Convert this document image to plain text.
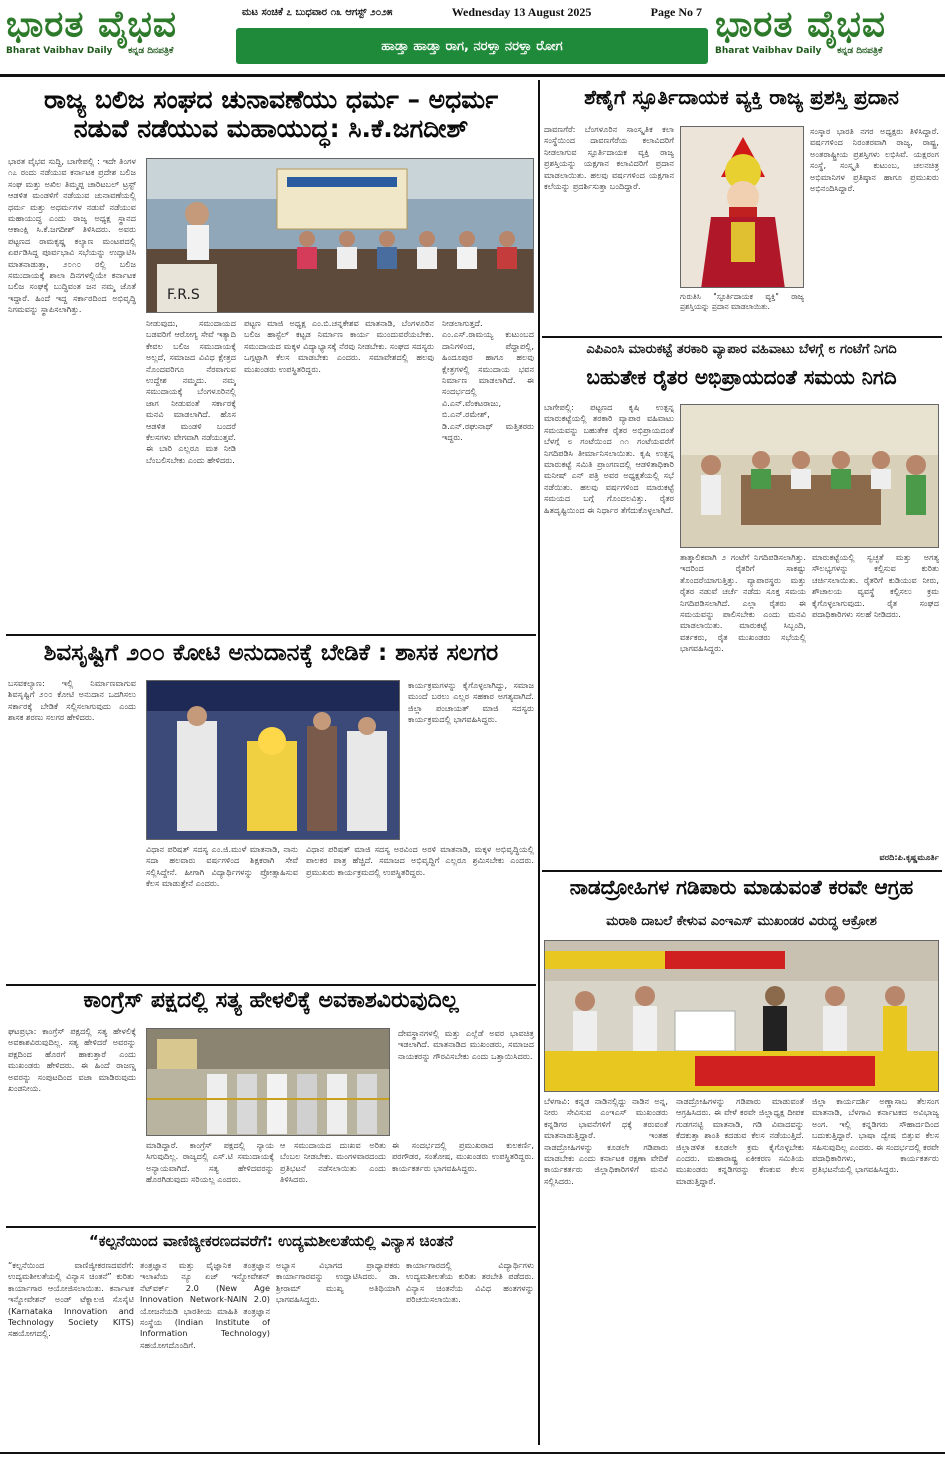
ಭಾರತ ವೈಭವ
Bharat Vaibhav Daily ಕನ್ನಡ ದಿನಪತ್ರಿಕೆ
ಮಟ ಸಂಚಿಕೆ ೭ ಬುಧವಾರ ೧೩ ಆಗಸ್ಟ್ ೨೦೨೫	Wednesday 13 August 2025	Page No 7
ಹಾಡ್ತಾ ಹಾಡ್ತಾ ರಾಗ, ನರಳ್ತಾ ನರಳ್ತಾ ರೋಗ
ಭಾರತ ವೈಭವ
Bharat Vaibhav Daily ಕನ್ನಡ ದಿನಪತ್ರಿಕೆ
ರಾಜ್ಯ ಬಲಿಜ ಸಂಘದ ಚುನಾವಣೆಯು ಧರ್ಮ – ಅಧರ್ಮ
ನಡುವೆ ನಡೆಯುವ ಮಹಾಯುದ್ಧ: ಸಿ.ಕೆ.ಜಗದೀಶ್
ಭಾರತ ವೈಭವ ಸುದ್ದಿ, ಬಾಗೇಪಲ್ಲಿ : ಇದೇ ತಿಂಗಳ ೧೭ ರಂದು ನಡೆಯುವ ಕರ್ನಾಟಕ ಪ್ರದೇಶ ಬಲಿಜ ಸಂಘ ಮತ್ತು ಅಖಿಲ ತಿಮ್ಮಪ್ಪ ಚಾರಿಟಬಲ್ ಟ್ರಸ್ಟ್ ಆಡಳಿತ ಮಂಡಳಿಗೆ ನಡೆಯುವ ಚುನಾವಣೆಯಲ್ಲಿ ಧರ್ಮ ಮತ್ತು ಅಧರ್ಮಗಳ ನಡುವೆ ನಡೆಯುವ ಮಹಾಯುದ್ಧ ಎಂದು ರಾಜ್ಯ ಅಧ್ಯಕ್ಷ ಸ್ಥಾನದ ಆಕಾಂಕ್ಷಿ ಸಿ.ಕೆ.ಜಗದೀಶ್ ತಿಳಿಸಿದರು. ಅವರು ಪಟ್ಟಣದ ರಾಮಕೃಷ್ಣ ಕಲ್ಯಾಣ ಮಂಟಪದಲ್ಲಿ ಏರ್ಪಡಿಸಿದ್ದ ಪೂರ್ವಭಾವಿ ಸಭೆಯನ್ನು ಉದ್ಘಾಟಿಸಿ ಮಾತನಾಡುತ್ತಾ, ೨೦೧೦ ರಲ್ಲಿ ಬಲಿಜ ಸಮುದಾಯಕ್ಕೆ ಶಾಲಾ ದಿನಗಳಲ್ಲಿಯೇ ಕರ್ನಾಟಕ ಬಲಿಜ ಸಂಘಕ್ಕೆ ಬುದ್ಧಿವಂತ ಜನ ನಮ್ಮ ಜೊತೆ ಇದ್ದಾರೆ. ಹಿಂದೆ ಇದ್ದ ಸರ್ಕಾರದಿಂದ ಅಭಿವೃದ್ಧಿ ನಿಗಮವನ್ನು ಸ್ಥಾಪಿಸಲಾಗಿತ್ತು.
F.R.S
ನೀಡುವುದು, ಸಮುದಾಯದ ಬಡವರಿಗೆ ಆರೋಗ್ಯ ಸೇವೆ ಇತ್ಯಾದಿ ಕೇವಲ ಬಲಿಜ ಸಮುದಾಯಕ್ಕೆ ಅಲ್ಲದೆ, ಸಮಾಜದ ವಿವಿಧ ಕ್ಷೇತ್ರದ ನೊಂದವರಿಗೂ ನೆರವಾಗುವ ಉದ್ದೇಶ ನಮ್ಮದು. ನಮ್ಮ ಸಮುದಾಯಕ್ಕೆ ಬೆಂಗಳೂರಿನಲ್ಲಿ ಜಾಗ ನೀಡುವಂತೆ ಸರ್ಕಾರಕ್ಕೆ ಮನವಿ ಮಾಡಲಾಗಿದೆ. ಹೊಸ ಆಡಳಿತ ಮಂಡಳಿ ಬಂದರೆ ಕೆಲಸಗಳು ವೇಗವಾಗಿ ನಡೆಯುತ್ತವೆ. ಈ ಬಾರಿ ಎಲ್ಲರೂ ಮತ ನೀಡಿ ಬೆಂಬಲಿಸಬೇಕು ಎಂದು ಹೇಳಿದರು.
ಪಟ್ಟಣ ಮಾಜಿ ಅಧ್ಯಕ್ಷ ಎಂ.ಬಿ.ಚನ್ನಕೇಶವ ಮಾತನಾಡಿ, ಬೆಂಗಳೂರಿನ ಬಲಿಜ ಹಾಸ್ಟೆಲ್ ಕಟ್ಟಡ ನಿರ್ಮಾಣ ಕಾರ್ಯ ಮುಂದುವರೆಯಬೇಕು. ಸಮುದಾಯದ ಮಕ್ಕಳ ವಿದ್ಯಾಭ್ಯಾಸಕ್ಕೆ ನೆರವು ನೀಡಬೇಕು. ಸಂಘದ ಸದಸ್ಯರು ಒಗ್ಗಟ್ಟಾಗಿ ಕೆಲಸ ಮಾಡಬೇಕು ಎಂದರು. ಸಮಾವೇಶದಲ್ಲಿ ಹಲವು ಮುಖಂಡರು ಉಪಸ್ಥಿತರಿದ್ದರು.
ನೀಡಲಾಗುತ್ತದೆ. ಎಂ.ಎಸ್.ರಾಮಯ್ಯ ಕುಟುಂಬದ ದಾನಿಗಳಿಂದ, ಪೆದ್ದಾಪಲ್ಲಿ, ಹಿಂದೂಪುರ ಹಾಗೂ ಹಲವು ಕ್ಷೇತ್ರಗಳಲ್ಲಿ ಸಮುದಾಯ ಭವನ ನಿರ್ಮಾಣ ಮಾಡಲಾಗಿದೆ. ಈ ಸಂದರ್ಭದಲ್ಲಿ ವಿ.ಎನ್.ವೆಂಕಟರಾಜು, ಬಿ.ಎನ್.ರಮೇಶ್, ಡಿ.ಎನ್.ರಘುನಾಥ್ ಮತ್ತಿತರರು ಇದ್ದರು.
ಶಿವಸೃಷ್ಟಿಗೆ ೨೦೦ ಕೋಟಿ ಅನುದಾನಕ್ಕೆ ಬೇಡಿಕೆ : ಶಾಸಕ ಸಲಗರ
ಬಸವಕಲ್ಯಾಣ: ಇಲ್ಲಿ ನಿರ್ಮಾಣವಾಗುವ ಶಿವಸೃಷ್ಟಿಗೆ ೨೦೦ ಕೋಟಿ ಅನುದಾನ ಒದಗಿಸಲು ಸರ್ಕಾರಕ್ಕೆ ಬೇಡಿಕೆ ಸಲ್ಲಿಸಲಾಗುವುದು ಎಂದು ಶಾಸಕ ಶರಣು ಸಲಗರ ಹೇಳಿದರು.
ಕಾರ್ಯಕ್ರಮಗಳನ್ನು ಕೈಗೊಳ್ಳಲಾಗಿದ್ದು, ಸಮಾಜ ಮುಂದೆ ಬರಲು ಎಲ್ಲರ ಸಹಕಾರ ಅಗತ್ಯವಾಗಿದೆ. ಜಿಲ್ಲಾ ಪಂಚಾಯತ್ ಮಾಜಿ ಸದಸ್ಯರು ಕಾರ್ಯಕ್ರಮದಲ್ಲಿ ಭಾಗವಹಿಸಿದ್ದರು.
ವಿಧಾನ ಪರಿಷತ್ ಸದಸ್ಯ ಎಂ.ಜಿ.ಮುಳೆ ಮಾತನಾಡಿ, ನಾನು ಸದಾ ಹಲವಾರು ವರ್ಷಗಳಿಂದ ಶಿಕ್ಷಕರಾಗಿ ಸೇವೆ ಸಲ್ಲಿಸಿದ್ದೇನೆ. ಹೀಗಾಗಿ ವಿದ್ಯಾರ್ಥಿಗಳನ್ನು ಪ್ರೋತ್ಸಾಹಿಸುವ ಕೆಲಸ ಮಾಡುತ್ತೇನೆ ಎಂದರು.
ವಿಧಾನ ಪರಿಷತ್ ಮಾಜಿ ಸದಸ್ಯ ಅರವಿಂದ ಅರಳಿ ಮಾತನಾಡಿ, ಮಕ್ಕಳ ಅಭಿವೃದ್ಧಿಯಲ್ಲಿ ಪಾಲಕರ ಪಾತ್ರ ಹೆಚ್ಚಿದೆ. ಸಮಾಜದ ಅಭಿವೃದ್ಧಿಗೆ ಎಲ್ಲರೂ ಶ್ರಮಿಸಬೇಕು ಎಂದರು. ಪ್ರಮುಖರು ಕಾರ್ಯಕ್ರಮದಲ್ಲಿ ಉಪಸ್ಥಿತರಿದ್ದರು.
ಕಾಂಗ್ರೆಸ್ ಪಕ್ಷದಲ್ಲಿ ಸತ್ಯ ಹೇಳಲಿಕ್ಕೆ ಅವಕಾಶವಿರುವುದಿಲ್ಲ
ಘಟಪ್ರಭಾ: ಕಾಂಗ್ರೆಸ್ ಪಕ್ಷದಲ್ಲಿ ಸತ್ಯ ಹೇಳಲಿಕ್ಕೆ ಅವಕಾಶವಿರುವುದಿಲ್ಲ. ಸತ್ಯ ಹೇಳಿದರೆ ಅವರನ್ನು ಪಕ್ಷದಿಂದ ಹೊರಗೆ ಹಾಕುತ್ತಾರೆ ಎಂದು ಮುಖಂಡರು ಹೇಳಿದರು. ಈ ಹಿಂದೆ ರಾಜಣ್ಣ ಅವರನ್ನು ಸಂಪುಟದಿಂದ ವಜಾ ಮಾಡಿರುವುದು ಖಂಡನೀಯ.
ದೇವಸ್ಥಾನಗಳಲ್ಲಿ ಮತ್ತು ಎಲ್ಲೆಡೆ ಅವರ ಭಾವಚಿತ್ರ ಇಡಲಾಗಿದೆ. ಮಾತನಾಡಿದ ಮುಖಂಡರು, ಸಮಾಜದ ನಾಯಕರನ್ನು ಗೌರವಿಸಬೇಕು ಎಂದು ಒತ್ತಾಯಿಸಿದರು.
ಮಾಡಿದ್ದಾರೆ. ಕಾಂಗ್ರೆಸ್ ಪಕ್ಷದಲ್ಲಿ ನ್ಯಾಯ ಸಿಗುವುದಿಲ್ಲ. ರಾಜ್ಯದಲ್ಲಿ ಎಸ್.ಟಿ ಸಮುದಾಯಕ್ಕೆ ಅನ್ಯಾಯವಾಗಿದೆ. ಸತ್ಯ ಹೇಳಿದವರನ್ನು ಹೊರಗಿಡುವುದು ಸರಿಯಲ್ಲ ಎಂದರು.
ಆ ಸಮುದಾಯದ ದುಃಖವ ಅರಿತು ಬೆಂಬಲ ನೀಡಬೇಕು. ಮಂಗಳವಾರದಂದು ಪ್ರತಿಭಟನೆ ನಡೆಸಲಾಯಿತು ಎಂದು ತಿಳಿಸಿದರು.
ಈ ಸಂದರ್ಭದಲ್ಲಿ ಪ್ರಮುಖರಾದ ಕುಲಕರ್ಣಿ, ಪರಗೌಡರ, ಸಂತೋಷ, ಮುಖಂಡರು ಉಪಸ್ಥಿತರಿದ್ದರು. ಕಾರ್ಯಕರ್ತರು ಭಾಗವಹಿಸಿದ್ದರು.
“ಕಲ್ಪನೆಯಿಂದ ವಾಣಿಜ್ಯೀಕರಣದವರೆಗೆ: ಉದ್ಯಮಶೀಲತೆಯಲ್ಲಿ ವಿನ್ಯಾಸ ಚಿಂತನೆ
“ಕಲ್ಪನೆಯಿಂದ ವಾಣಿಜ್ಯೀಕರಣದವರೆಗೆ: ಉದ್ಯಮಶೀಲತೆಯಲ್ಲಿ ವಿನ್ಯಾಸ ಚಿಂತನೆ” ಕುರಿತು ಕಾರ್ಯಾಗಾರ ಆಯೋಜಿಸಲಾಯಿತು. ಕರ್ನಾಟಕ ಇನ್ನೋವೇಶನ್ ಅಂಡ್ ಟೆಕ್ನಾಲಜಿ ಸೊಸೈಟಿ (Karnataka Innovation and Technology Society KITS) ಸಹಯೋಗದಲ್ಲಿ.
ತಂತ್ರಜ್ಞಾನ ಮತ್ತು ವೈಜ್ಞಾನಿಕ ತಂತ್ರಜ್ಞಾನ ಇಲಾಖೆಯ ನ್ಯೂ ಏಜ್ ಇನ್ನೋವೇಶನ್ ನೆಟ್‌ವರ್ಕ್ 2.0 (New Age Innovation Network-NAIN 2.0) ಯೋಜನೆಯಡಿ ಭಾರತೀಯ ಮಾಹಿತಿ ತಂತ್ರಜ್ಞಾನ ಸಂಸ್ಥೆಯ (Indian Institute of Information Technology) ಸಹಯೋಗದೊಂದಿಗೆ.
ಅಭ್ಯಾಸ ವಿಭಾಗದ ಪ್ರಾಧ್ಯಾಪಕರು ಕಾರ್ಯಾಗಾರವನ್ನು ಉದ್ಘಾಟಿಸಿದರು. ಡಾ. ಶ್ರೀರಾಮ್ ಮುಖ್ಯ ಅತಿಥಿಯಾಗಿ ಭಾಗವಹಿಸಿದ್ದರು.
ಕಾರ್ಯಾಗಾರದಲ್ಲಿ ವಿದ್ಯಾರ್ಥಿಗಳು ಉದ್ಯಮಶೀಲತೆಯ ಕುರಿತು ತರಬೇತಿ ಪಡೆದರು. ವಿನ್ಯಾಸ ಚಿಂತನೆಯ ವಿವಿಧ ಹಂತಗಳನ್ನು ಪರಿಚಯಿಸಲಾಯಿತು.
ಶೆಣೈಗೆ ಸ್ಫೂರ್ತಿದಾಯಕ ವ್ಯಕ್ತಿ ರಾಜ್ಯ ಪ್ರಶಸ್ತಿ ಪ್ರದಾನ
ದಾವಣಗೆರೆ: ಬೆಂಗಳೂರಿನ ಸಾಂಸ್ಕೃತಿಕ ಕಲಾ ಸಂಸ್ಥೆಯಿಂದ ದಾವಣಗೆರೆಯ ಕಲಾವಿದರಿಗೆ ನೀಡಲಾಗುವ ಸ್ಫೂರ್ತಿದಾಯಕ ವ್ಯಕ್ತಿ ರಾಜ್ಯ ಪ್ರಶಸ್ತಿಯನ್ನು ಯಕ್ಷಗಾನ ಕಲಾವಿದರಿಗೆ ಪ್ರದಾನ ಮಾಡಲಾಯಿತು. ಹಲವು ವರ್ಷಗಳಿಂದ ಯಕ್ಷಗಾನ ಕಲೆಯನ್ನು ಪ್ರದರ್ಶಿಸುತ್ತಾ ಬಂದಿದ್ದಾರೆ.
ಸಂಸ್ಕಾರ ಭಾರತಿ ನಗರ ಅಧ್ಯಕ್ಷರು ತಿಳಿಸಿದ್ದಾರೆ. ವರ್ಷಗಳಿಂದ ನಿರಂತರವಾಗಿ ರಾಜ್ಯ, ರಾಷ್ಟ್ರ, ಅಂತರಾಷ್ಟ್ರೀಯ ಪ್ರಶಸ್ತಿಗಳು ಲಭಿಸಿವೆ. ಯಕ್ಷರಂಗ ಸಂಸ್ಥೆ, ಸಂಸ್ಕೃತಿ ಕುಟುಂಬ, ಚಲನಚಿತ್ರ ಅಭಿಮಾನಿಗಳ ಪ್ರತಿಷ್ಠಾನ ಹಾಗೂ ಪ್ರಮುಖರು ಅಭಿನಂದಿಸಿದ್ದಾರೆ.
ಗುರುತಿಸಿ "ಸ್ಫೂರ್ತಿದಾಯಕ ವ್ಯಕ್ತಿ" ರಾಜ್ಯ ಪ್ರಶಸ್ತಿಯನ್ನು ಪ್ರದಾನ ಮಾಡಲಾಯಿತು.
ಎಪಿಎಂಸಿ ಮಾರುಕಟ್ಟೆ ತರಕಾರಿ ವ್ಯಾಪಾರ ವಹಿವಾಟು ಬೆಳಗ್ಗೆ ೮ ಗಂಟೆಗೆ ನಿಗದಿ
ಬಹುತೇಕ ರೈತರ ಅಭಿಪ್ರಾಯದಂತೆ ಸಮಯ ನಿಗದಿ
ಬಾಗೇಪಲ್ಲಿ: ಪಟ್ಟಣದ ಕೃಷಿ ಉತ್ಪನ್ನ ಮಾರುಕಟ್ಟೆಯಲ್ಲಿ ತರಕಾರಿ ವ್ಯಾಪಾರ ವಹಿವಾಟು ಸಮಯವನ್ನು ಬಹುತೇಕ ರೈತರ ಅಭಿಪ್ರಾಯದಂತೆ ಬೆಳಗ್ಗೆ ೮ ಗಂಟೆಯಿಂದ ೧೧ ಗಂಟೆಯವರೆಗೆ ನಿಗದಿಪಡಿಸಿ ತೀರ್ಮಾನಿಸಲಾಯಿತು. ಕೃಷಿ ಉತ್ಪನ್ನ ಮಾರುಕಟ್ಟೆ ಸಮಿತಿ ಪ್ರಾಂಗಣದಲ್ಲಿ ಆಡಳಿತಾಧಿಕಾರಿ ಮನೀಷ್ ಎನ್ ಪತ್ರಿ ಅವರ ಅಧ್ಯಕ್ಷತೆಯಲ್ಲಿ ಸಭೆ ನಡೆಯಿತು. ಹಲವು ವರ್ಷಗಳಿಂದ ಮಾರುಕಟ್ಟೆ ಸಮಯದ ಬಗ್ಗೆ ಗೊಂದಲವಿತ್ತು. ರೈತರ ಹಿತದೃಷ್ಟಿಯಿಂದ ಈ ನಿರ್ಧಾರ ತೆಗೆದುಕೊಳ್ಳಲಾಗಿದೆ.
ತಾತ್ಕಾಲಿಕವಾಗಿ ೨ ಗಂಟೆಗೆ ನಿಗದಿಪಡಿಸಲಾಗಿತ್ತು. ಇದರಿಂದ ರೈತರಿಗೆ ಸಾಕಷ್ಟು ತೊಂದರೆಯಾಗುತ್ತಿತ್ತು. ವ್ಯಾಪಾರಸ್ಥರು ಮತ್ತು ರೈತರ ನಡುವೆ ಚರ್ಚೆ ನಡೆದು ಸೂಕ್ತ ಸಮಯ ನಿಗದಿಪಡಿಸಲಾಗಿದೆ. ಎಲ್ಲಾ ರೈತರು ಈ ಸಮಯವನ್ನು ಪಾಲಿಸಬೇಕು ಎಂದು ಮನವಿ ಮಾಡಲಾಯಿತು. ಮಾರುಕಟ್ಟೆ ಸಿಬ್ಬಂದಿ, ವರ್ತಕರು, ರೈತ ಮುಖಂಡರು ಸಭೆಯಲ್ಲಿ ಭಾಗವಹಿಸಿದ್ದರು.
ಮಾರುಕಟ್ಟೆಯಲ್ಲಿ ಸ್ವಚ್ಛತೆ ಮತ್ತು ಅಗತ್ಯ ಸೌಲಭ್ಯಗಳನ್ನು ಕಲ್ಪಿಸುವ ಕುರಿತು ಚರ್ಚಿಸಲಾಯಿತು. ರೈತರಿಗೆ ಕುಡಿಯುವ ನೀರು, ಶೌಚಾಲಯ ವ್ಯವಸ್ಥೆ ಕಲ್ಪಿಸಲು ಕ್ರಮ ಕೈಗೊಳ್ಳಲಾಗುವುದು. ರೈತ ಸಂಘದ ಪದಾಧಿಕಾರಿಗಳು ಸಲಹೆ ನೀಡಿದರು.
ವರದಿ:ಪಿ.ಕೃಷ್ಣಮೂರ್ತಿ
ನಾಡದ್ರೋಹಿಗಳ ಗಡಿಪಾರು ಮಾಡುವಂತೆ ಕರವೇ ಆಗ್ರಹ
ಮರಾಠಿ ದಾಬಲೆ ಕೇಳುವ ಎಂಇಎಸ್ ಮುಖಂಡರ ವಿರುದ್ಧ ಆಕ್ರೋಶ
ಬೆಳಗಾವಿ: ಕನ್ನಡ ನಾಡಿನಲ್ಲಿದ್ದು ನಾಡಿನ ಅನ್ನ, ನೀರು ಸೇವಿಸುವ ಎಂಇಎಸ್ ಮುಖಂಡರು ಕನ್ನಡಿಗರ ಭಾವನೆಗಳಿಗೆ ಧಕ್ಕೆ ತರುವಂತೆ ಮಾತನಾಡುತ್ತಿದ್ದಾರೆ. ಇಂತಹ ನಾಡದ್ರೋಹಿಗಳನ್ನು ಕೂಡಲೇ ಗಡಿಪಾರು ಮಾಡಬೇಕು ಎಂದು ಕರ್ನಾಟಕ ರಕ್ಷಣಾ ವೇದಿಕೆ ಕಾರ್ಯಕರ್ತರು ಜಿಲ್ಲಾಧಿಕಾರಿಗಳಿಗೆ ಮನವಿ ಸಲ್ಲಿಸಿದರು.
ನಾಡದ್ರೋಹಿಗಳನ್ನು ಗಡಿಪಾರು ಮಾಡುವಂತೆ ಆಗ್ರಹಿಸಿದರು. ಈ ವೇಳೆ ಕರವೇ ಜಿಲ್ಲಾಧ್ಯಕ್ಷ ದೀಪಕ ಗುಡಗನಟ್ಟಿ ಮಾತನಾಡಿ, ಗಡಿ ವಿವಾದವನ್ನು ಕೆದಕುತ್ತಾ ಶಾಂತಿ ಕದಡುವ ಕೆಲಸ ನಡೆಯುತ್ತಿದೆ. ಜಿಲ್ಲಾಡಳಿತ ಕೂಡಲೇ ಕ್ರಮ ಕೈಗೊಳ್ಳಬೇಕು ಎಂದರು. ಮಹಾರಾಷ್ಟ್ರ ಏಕೀಕರಣ ಸಮಿತಿಯ ಮುಖಂಡರು ಕನ್ನಡಿಗರನ್ನು ಕೆಣಕುವ ಕೆಲಸ ಮಾಡುತ್ತಿದ್ದಾರೆ.
ಜಿಲ್ಲಾ ಕಾರ್ಯದರ್ಶಿ ಅಣ್ಣಾಸಾಬ ತೆಲಸಂಗ ಮಾತನಾಡಿ, ಬೆಳಗಾವಿ ಕರ್ನಾಟಕದ ಅವಿಭಾಜ್ಯ ಅಂಗ. ಇಲ್ಲಿ ಕನ್ನಡಿಗರು ಸೌಹಾರ್ದದಿಂದ ಬದುಕುತ್ತಿದ್ದಾರೆ. ಭಾಷಾ ದ್ವೇಷ ಬಿತ್ತುವ ಕೆಲಸ ಸಹಿಸುವುದಿಲ್ಲ ಎಂದರು. ಈ ಸಂದರ್ಭದಲ್ಲಿ ಕರವೇ ಪದಾಧಿಕಾರಿಗಳು, ಕಾರ್ಯಕರ್ತರು ಪ್ರತಿಭಟನೆಯಲ್ಲಿ ಭಾಗವಹಿಸಿದ್ದರು.
